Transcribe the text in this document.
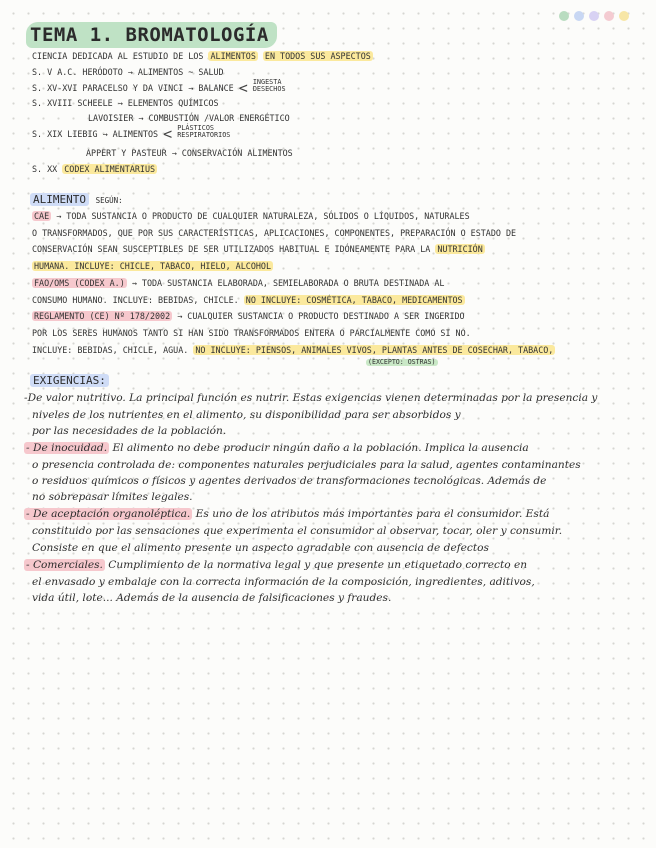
TEMA 1. BROMATOLOGÍA
CIENCIA DEDICADA AL ESTUDIO DE LOS ALIMENTOS EN TODOS SUS ASPECTOS
S. V A.C. HERÓDOTO → ALIMENTOS ~ SALUD
S. XV-XVI PARACELSO Y DA VINCI → BALANCE < INGESTA
DESECHOS
S. XVIII SCHEELE → ELEMENTOS QUÍMICOS
LAVOISIER → COMBUSTIÓN /VALOR ENERGÉTICO
S. XIX LIEBIG → ALIMENTOS < PLÁSTICOS
RESPIRATORIOS
APPERT Y PASTEUR → CONSERVACIÓN ALIMENTOS
S. XX CODEX ALIMENTARIUS
ALIMENTO SEGÚN:
CAE → TODA SUSTANCIA O PRODUCTO DE CUALQUIER NATURALEZA, SÓLIDOS O LÍQUIDOS, NATURALES
O TRANSFORMADOS, QUE POR SUS CARACTERÍSTICAS, APLICACIONES, COMPONENTES, PREPARACIÓN O ESTADO DE
CONSERVACIÓN SEAN SUSCEPTIBLES DE SER UTILIZADOS HABITUAL E IDÓNEAMENTE PARA LA NUTRICIÓN
HUMANA. INCLUYE: CHICLE, TABACO, HIELO, ALCOHOL
FAO/OMS (CODEX A.) → TODA SUSTANCIA ELABORADA, SEMIELABORADA O BRUTA DESTINADA AL
CONSUMO HUMANO. INCLUYE: BEBIDAS, CHICLE. NO INCLUYE: COSMÉTICA, TABACO, MEDICAMENTOS
REGLAMENTO (CE) Nº 178/2002 → CUALQUIER SUSTANCIA O PRODUCTO DESTINADO A SER INGERIDO
POR LOS SERES HUMANOS TANTO SI HAN SIDO TRANSFORMADOS ENTERA O PARCIALMENTE COMO SI NO.
INCLUYE: BEBIDAS, CHICLE, AGUA. NO INCLUYE: PIENSOS, ANIMALES VIVOS, PLANTAS ANTES DE COSECHAR, TABACO,
(EXCEPTO: OSTRAS)
EXIGENCIAS:
-De valor nutritivo. La principal función es nutrir. Estas exigencias vienen determinadas por la presencia y
niveles de los nutrientes en el alimento, su disponibilidad para ser absorbidos y
por las necesidades de la población.
- De inocuidad. El alimento no debe producir ningún daño a la población. Implica la ausencia
o presencia controlada de: componentes naturales perjudiciales para la salud, agentes contaminantes
o residuos químicos o físicos y agentes derivados de transformaciones tecnológicas. Además de
no sobrepasar límites legales.
- De aceptación organoléptica. Es uno de los atributos más importantes para el consumidor. Está
constituido por las sensaciones que experimenta el consumidor al observar, tocar, oler y consumir.
Consiste en que el alimento presente un aspecto agradable con ausencia de defectos
- Comerciales. Cumplimiento de la normativa legal y que presente un etiquetado correcto en
el envasado y embalaje con la correcta información de la composición, ingredientes, aditivos,
vida útil, lote... Además de la ausencia de falsificaciones y fraudes.
